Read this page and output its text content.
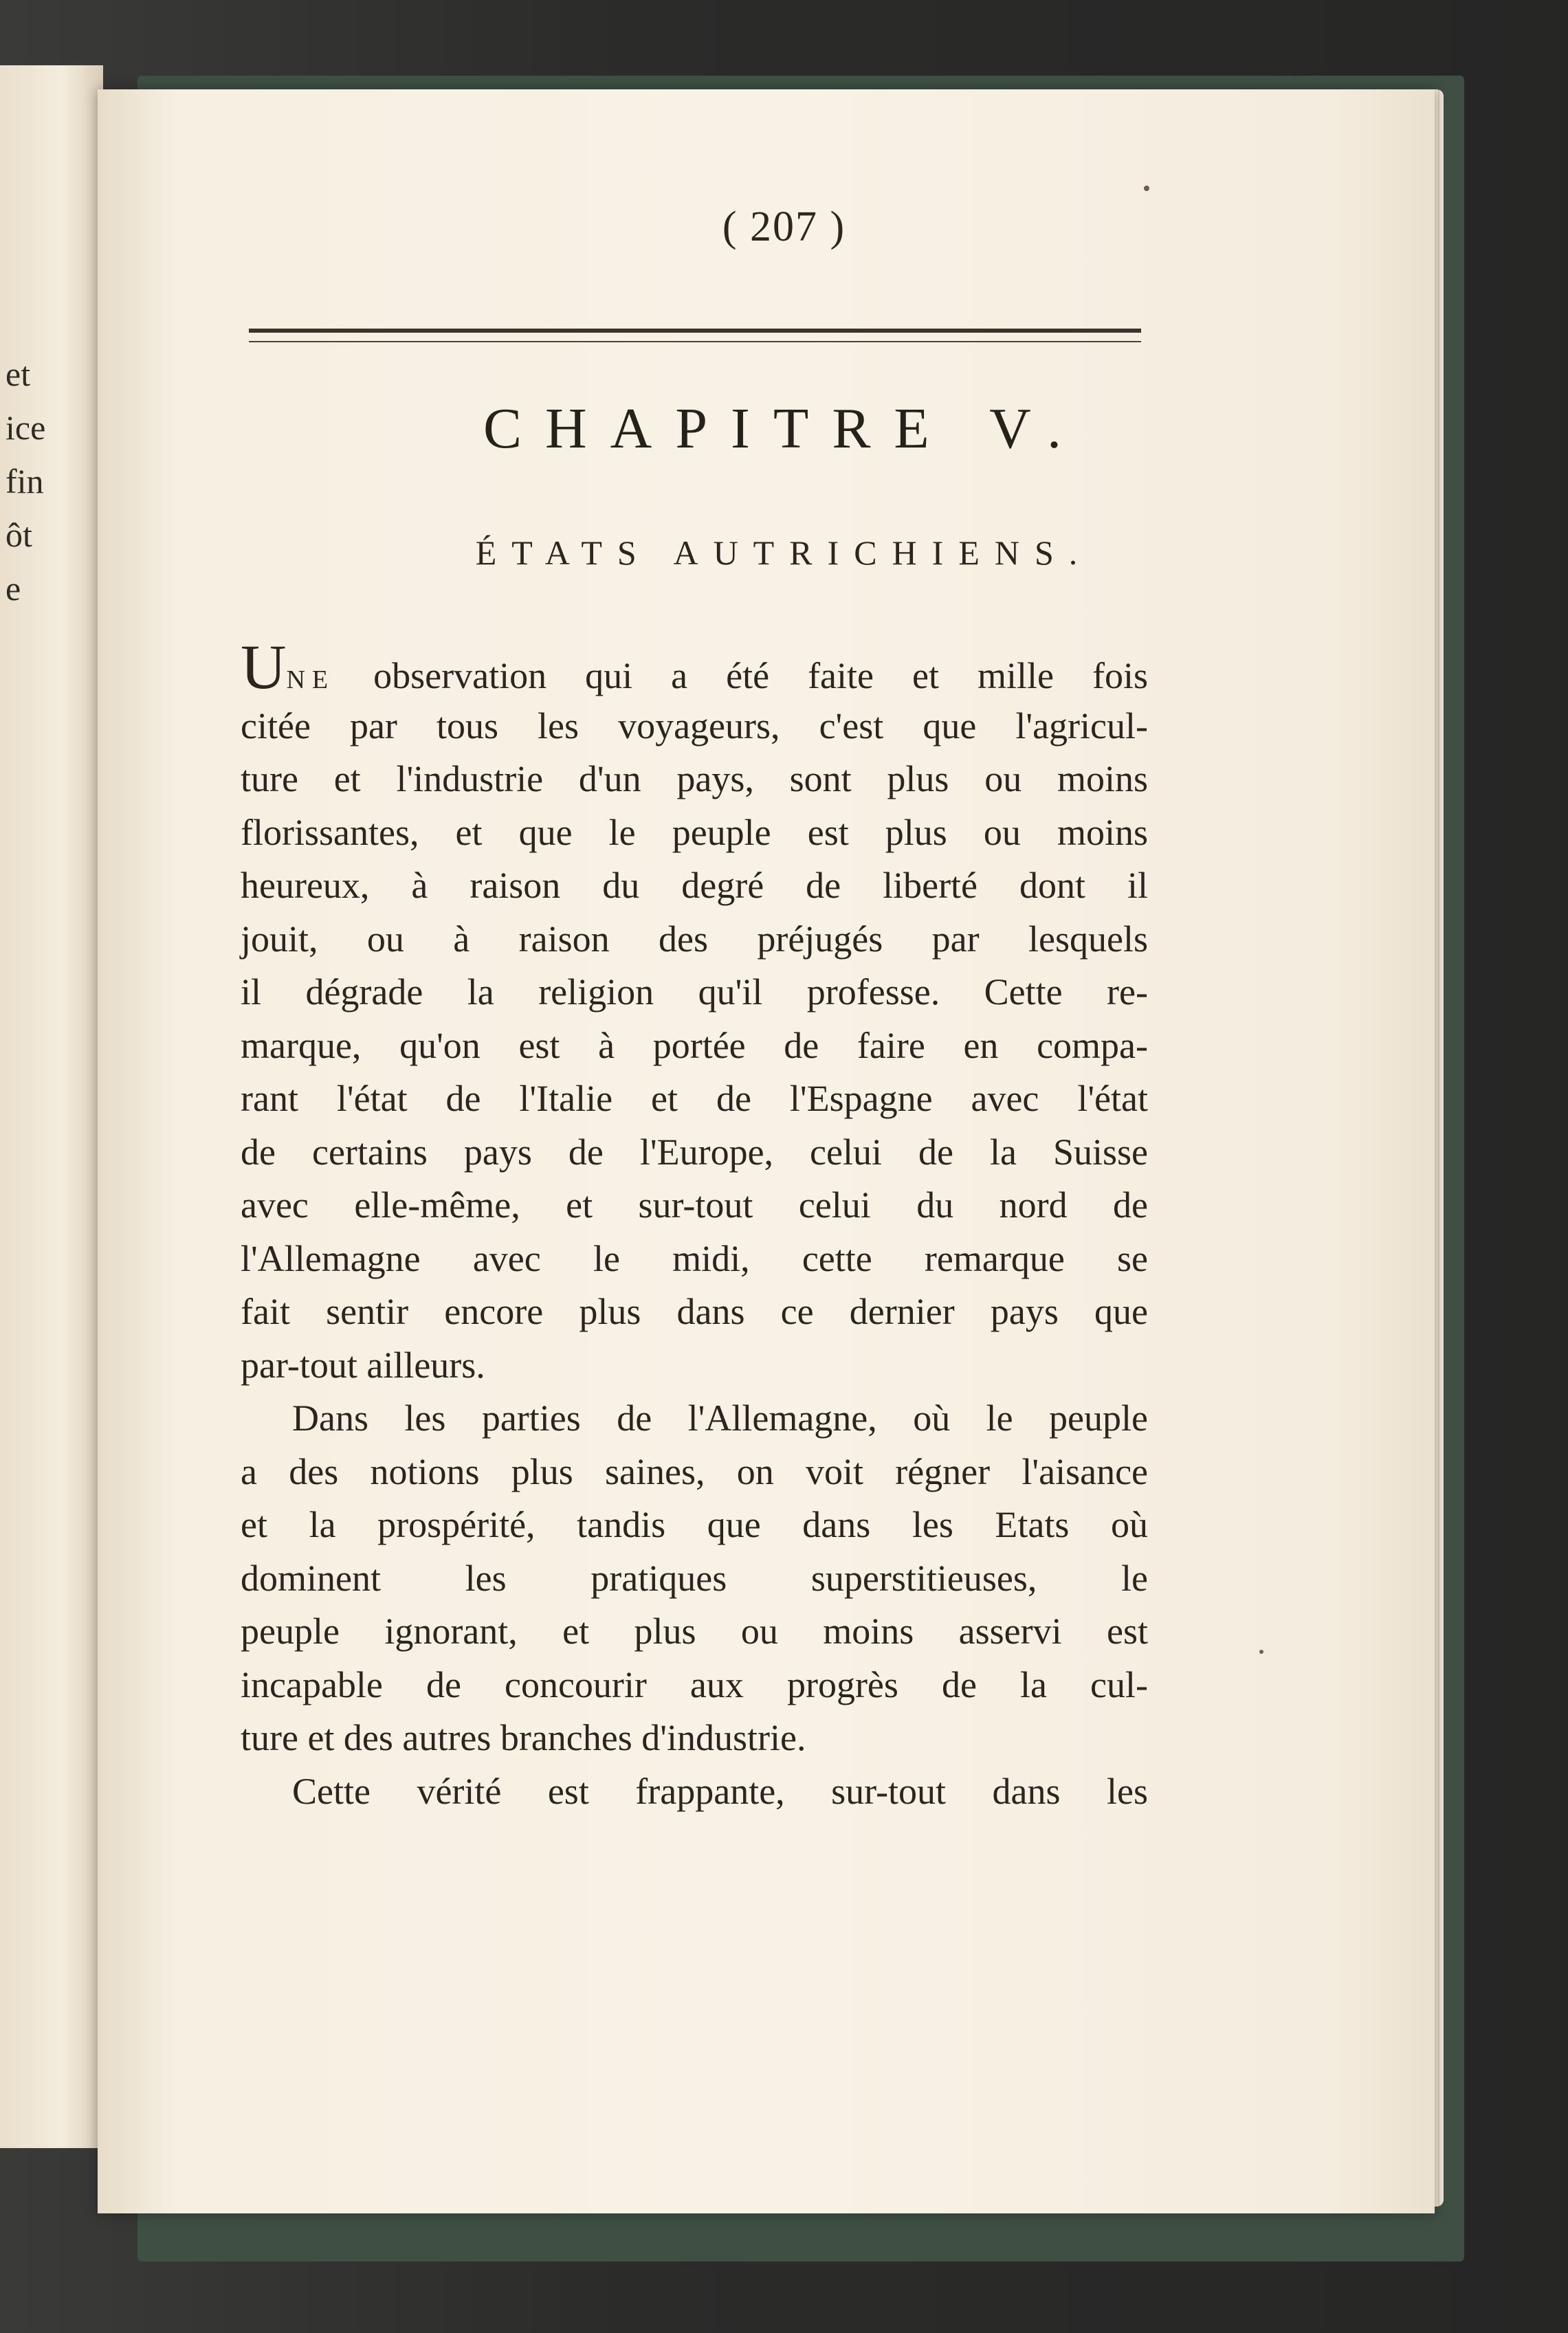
et
ice
fin
ôt
e
( 207 )
CHAPITRE V.
ÉTATS AUTRICHIENS.
UNE observation qui a été faite et mille fois
citée par tous les voyageurs, c'est que l'agricul-
ture et l'industrie d'un pays, sont plus ou moins
florissantes, et que le peuple est plus ou moins
heureux, à raison du degré de liberté dont il
jouit, ou à raison des préjugés par lesquels
il dégrade la religion qu'il professe. Cette re-
marque, qu'on est à portée de faire en compa-
rant l'état de l'Italie et de l'Espagne avec l'état
de certains pays de l'Europe, celui de la Suisse
avec elle-même, et sur-tout celui du nord de
l'Allemagne avec le midi, cette remarque se
fait sentir encore plus dans ce dernier pays que
par-tout ailleurs.
Dans les parties de l'Allemagne, où le peuple
a des notions plus saines, on voit régner l'aisance
et la prospérité, tandis que dans les Etats où
dominent les pratiques superstitieuses, le
peuple ignorant, et plus ou moins asservi est
incapable de concourir aux progrès de la cul-
ture et des autres branches d'industrie.
Cette vérité est frappante, sur-tout dans les
